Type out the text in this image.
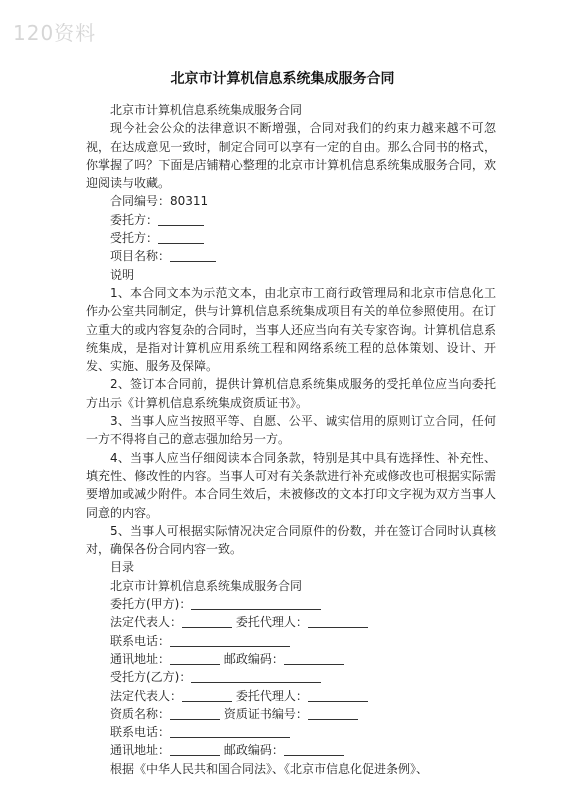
120资料
北京市计算机信息系统集成服务合同

北京市计算机信息系统集成服务合同

现今社会公众的法律意识不断增强，合同对我们的约束力越来越不可忽视，在达成意见一致时，制定合同可以享有一定的自由。那么合同书的格式，你掌握了吗？下面是店铺精心整理的北京市计算机信息系统集成服务合同，欢迎阅读与收藏。

合同编号：80311

委托方：

受托方：

项目名称：

说明

1、本合同文本为示范文本，由北京市工商行政管理局和北京市信息化工作办公室共同制定，供与计算机信息系统集成项目有关的单位参照使用。在订立重大的或内容复杂的合同时，当事人还应当向有关专家咨询。计算机信息系统集成，是指对计算机应用系统工程和网络系统工程的总体策划、设计、开发、实施、服务及保障。

2、签订本合同前，提供计算机信息系统集成服务的受托单位应当向委托方出示《计算机信息系统集成资质证书》。

3、当事人应当按照平等、自愿、公平、诚实信用的原则订立合同，任何一方不得将自己的意志强加给另一方。

4、当事人应当仔细阅读本合同条款，特别是其中具有选择性、补充性、填充性、修改性的内容。当事人可对有关条款进行补充或修改也可根据实际需要增加或减少附件。本合同生效后，未被修改的文本打印文字视为双方当事人同意的内容。

5、当事人可根据实际情况决定合同原件的份数，并在签订合同时认真核对，确保各份合同内容一致。

目录

北京市计算机信息系统集成服务合同

委托方(甲方)：

法定代表人：	委托代理人：

联系电话：

通讯地址：	邮政编码：

受托方(乙方)：

法定代表人：	委托代理人：

资质名称：	资质证书编号：

联系电话：

通讯地址：	邮政编码：

根据《中华人民共和国合同法》、《北京市信息化促进条例》、
